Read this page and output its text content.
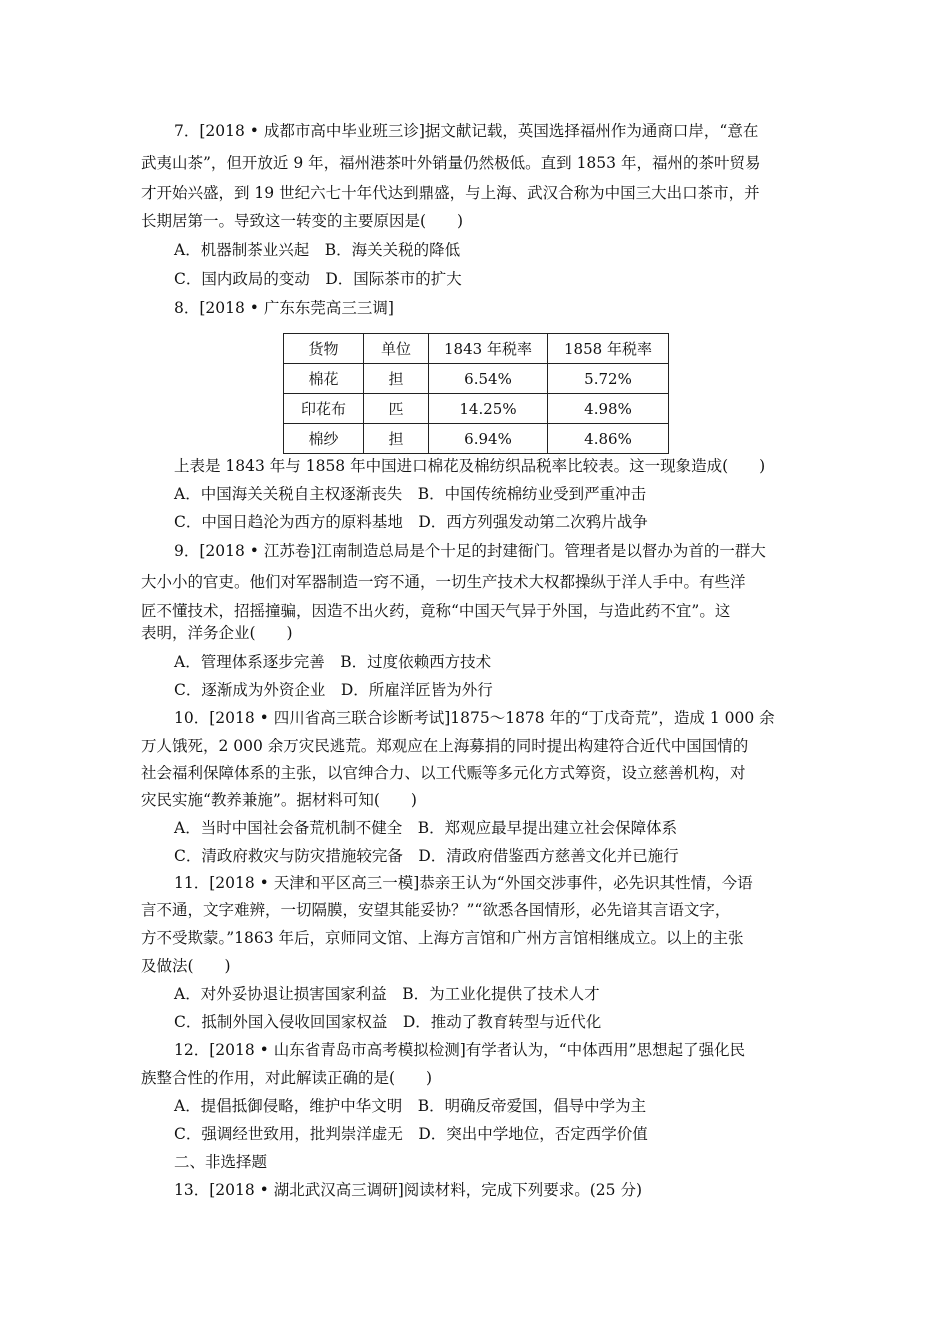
7．[2018 • 成都市高中毕业班三诊]据文献记载，英国选择福州作为通商口岸，“意在
武夷山茶”，但开放近 9 年，福州港茶叶外销量仍然极低。直到 1853 年，福州的茶叶贸易
才开始兴盛，到 19 世纪六七十年代达到鼎盛，与上海、武汉合称为中国三大出口茶市，并
长期居第一。导致这一转变的主要原因是(　　)
A．机器制茶业兴起　B．海关关税的降低
C．国内政局的变动　D．国际茶市的扩大
8．[2018 • 广东东莞高三三调]
货物	单位	1843 年税率	1858 年税率
棉花	担	6.54%	5.72%
印花布	匹	14.25%	4.98%
棉纱	担	6.94%	4.86%
上表是 1843 年与 1858 年中国进口棉花及棉纺织品税率比较表。这一现象造成(　　)
A．中国海关关税自主权逐渐丧失　B．中国传统棉纺业受到严重冲击
C．中国日趋沦为西方的原料基地　D．西方列强发动第二次鸦片战争
9．[2018 • 江苏卷]江南制造总局是个十足的封建衙门。管理者是以督办为首的一群大
大小小的官吏。他们对军器制造一窍不通，一切生产技术大权都操纵于洋人手中。有些洋
匠不懂技术，招摇撞骗，因造不出火药，竟称“中国天气异于外国，与造此药不宜”。这
表明，洋务企业(　　)
A．管理体系逐步完善　B．过度依赖西方技术
C．逐渐成为外资企业　D．所雇洋匠皆为外行
10．[2018 • 四川省高三联合诊断考试]1875～1878 年的“丁戊奇荒”，造成 1 000 余
万人饿死，2 000 余万灾民逃荒。郑观应在上海募捐的同时提出构建符合近代中国国情的
社会福利保障体系的主张，以官绅合力、以工代赈等多元化方式筹资，设立慈善机构，对
灾民实施“教养兼施”。据材料可知(　　)
A．当时中国社会备荒机制不健全　B．郑观应最早提出建立社会保障体系
C．清政府救灾与防灾措施较完备　D．清政府借鉴西方慈善文化并已施行
11．[2018 • 天津和平区高三一模]恭亲王认为“外国交涉事件，必先识其性情，今语
言不通，文字难辨，一切隔膜，安望其能妥协？”“欲悉各国情形，必先谙其言语文字，
方不受欺蒙。”1863 年后，京师同文馆、上海方言馆和广州方言馆相继成立。以上的主张
及做法(　　)
A．对外妥协退让损害国家利益　B．为工业化提供了技术人才
C．抵制外国入侵收回国家权益　D．推动了教育转型与近代化
12．[2018 • 山东省青岛市高考模拟检测]有学者认为，“中体西用”思想起了强化民
族整合性的作用，对此解读正确的是(　　)
A．提倡抵御侵略，维护中华文明　B．明确反帝爱国，倡导中学为主
C．强调经世致用，批判崇洋虚无　D．突出中学地位，否定西学价值
二、非选择题
13．[2018 • 湖北武汉高三调研]阅读材料，完成下列要求。(25 分)
